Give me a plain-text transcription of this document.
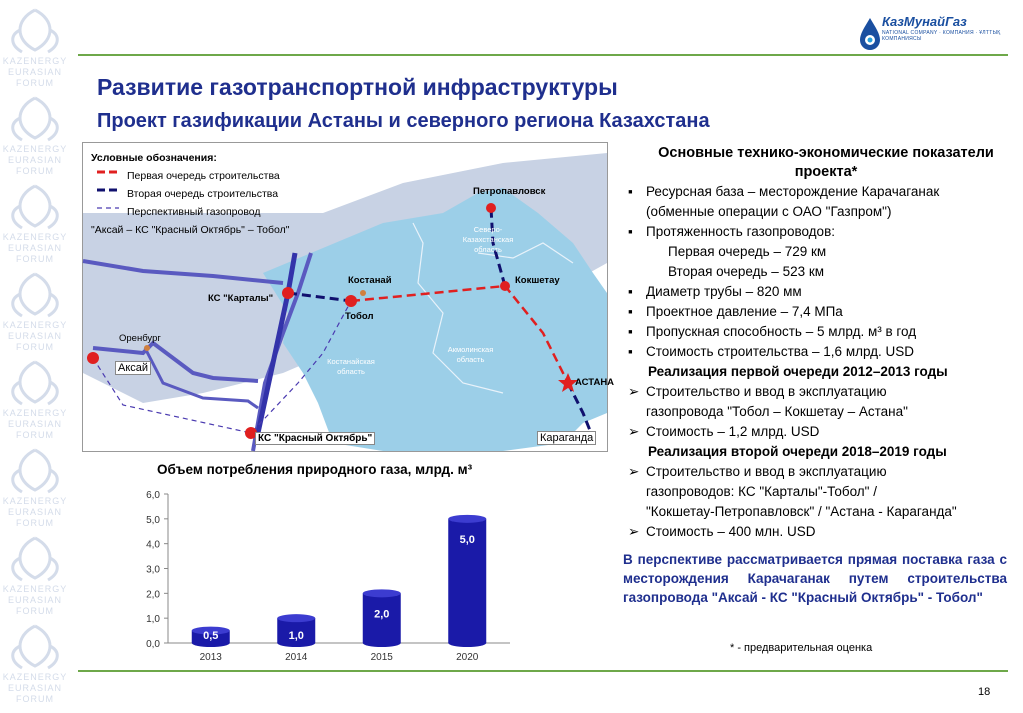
KAZENERGY
EURASIAN
FORUM
KAZENERGY
EURASIAN
FORUM
KAZENERGY
EURASIAN
FORUM
KAZENERGY
EURASIAN
FORUM
KAZENERGY
EURASIAN
FORUM
KAZENERGY
EURASIAN
FORUM
KAZENERGY
EURASIAN
FORUM
KAZENERGY
EURASIAN
FORUM
КазМунайГаз
NATIONAL COMPANY · КОМПАНИЯ · ҰЛТТЫҚ КОМПАНИЯСЫ
Развитие газотранспортной инфраструктуры
Проект газификации Астаны и северного региона Казахстана
Условные обозначения:
Первая очередь строительства
Вторая очередь строительства
Перспективный газопровод
"Аксай – КС "Красный Октябрь" – Тобол"
Петропавловск
Костанай	Кокшетау
АСТАНА
КС "Карталы"
Тобол
Оренбург
Северо-Казахстанская область
Костанайская область
Акмолинская область
Аксай
КС "Красный Октябрь"	Караганда
Основные технико-экономические показатели проекта*
▪ Ресурсная база – месторождение Карачаганак
(обменные операции с ОАО "Газпром")
▪ Протяженность газопроводов:
Первая очередь – 729 км
Вторая очередь – 523 км
▪ Диаметр трубы – 820 мм
▪ Проектное давление – 7,4 МПа
▪ Пропускная способность – 5 млрд. м³ в год
▪ Стоимость строительства – 1,6 млрд. USD
Реализация первой очереди 2012–2013 годы
➢ Строительство и ввод в эксплуатацию
газопровода "Тобол – Кокшетау – Астана"
➢ Стоимость – 1,2 млрд. USD
Реализация второй очереди 2018–2019 годы
➢ Строительство и ввод в эксплуатацию
газопроводов: КС "Карталы"-Тобол" /
"Кокшетау-Петропавловск" / "Астана - Караганда"
➢ Стоимость – 400 млн. USD
В перспективе рассматривается прямая поставка газа с месторождения Карачаганак путем строительства газопровода "Аксай - КС "Красный Октябрь" - Тобол"
* - предварительная оценка
18
Объем потребления природного газа, млрд. м³
0,0
1,0
2,0
3,0
4,0
5,0
6,0
0,5
2013
1,0
2014
2,0
2015
5,0
2020
